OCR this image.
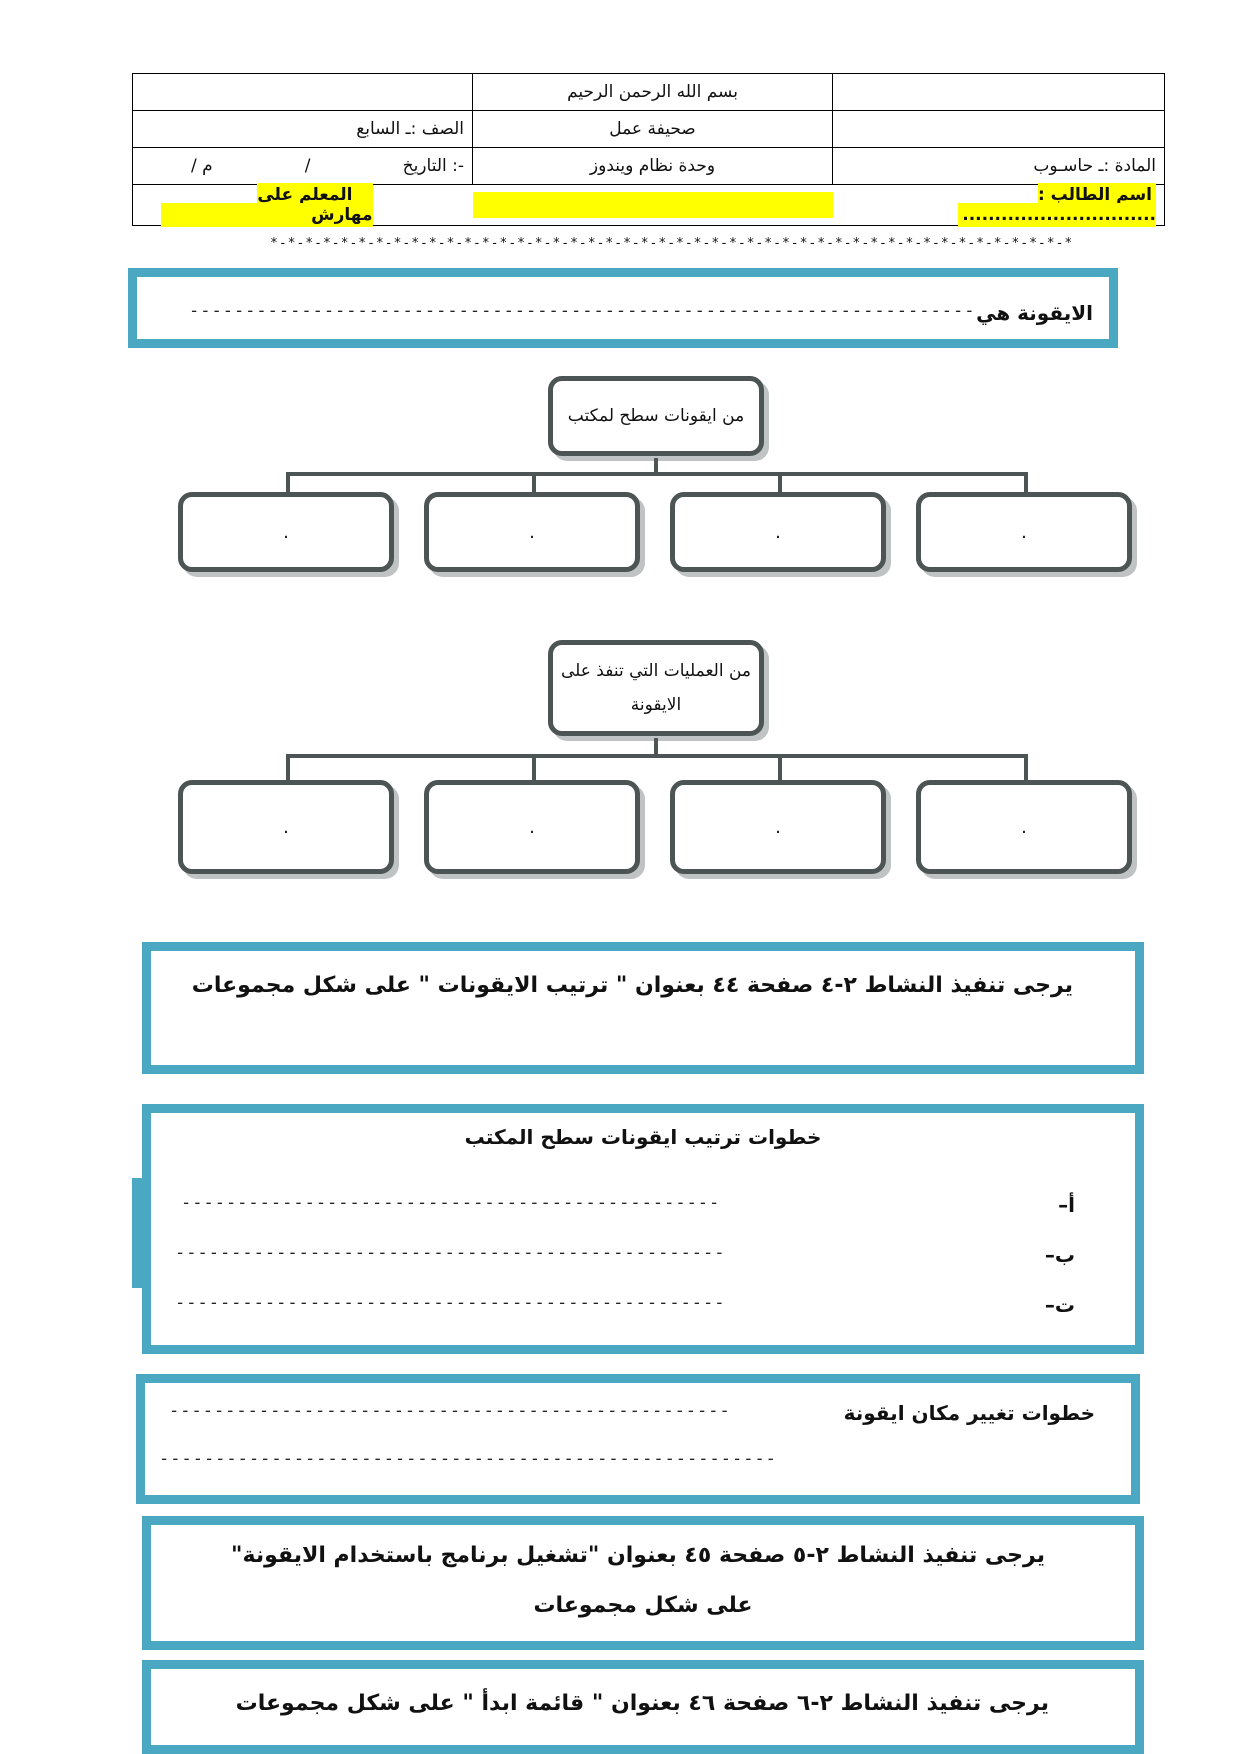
	بسم الله الرحمن الرحيم	
الصف :ـ السابع	صحيفة عمل	

/ م / التاريخ :-	وحدة نظام ويندوز	المادة :ـ حاسـوب
المعلم علي مهارش		اسم الطالب : ..............................
*-*-*-*-*-*-*-*-*-*-*-*-*-*-*-*-*-*-*-*-*-*-*-*-*-*-*-*-*-*-*-*-*-*-*-*-*-*-*-*-*-*-*-*-*-*
الايقونة هي
----------------------------------------------------------------------
من ايقونات سطح لمكتب
.	.	.	.
من العمليات التي تنفذ على الايقونة
.	.	.	.
يرجى تنفيذ النشاط ٢-٤ صفحة ٤٤ بعنوان " ترتيب الايقونات " على شكل مجموعات
خطوات ترتيب ايقونات سطح المكتب
أ–
------------------------------------------------
ب–
-------------------------------------------------
ت–
-------------------------------------------------
خطوات تغيير مكان ايقونة
--------------------------------------------------
-------------------------------------------------------
يرجى تنفيذ النشاط ٢-٥ صفحة ٤٥ بعنوان "تشغيل برنامج باستخدام الايقونة"
على شكل مجموعات
يرجى تنفيذ النشاط ٢-٦ صفحة ٤٦ بعنوان " قائمة ابدأ " على شكل مجموعات
